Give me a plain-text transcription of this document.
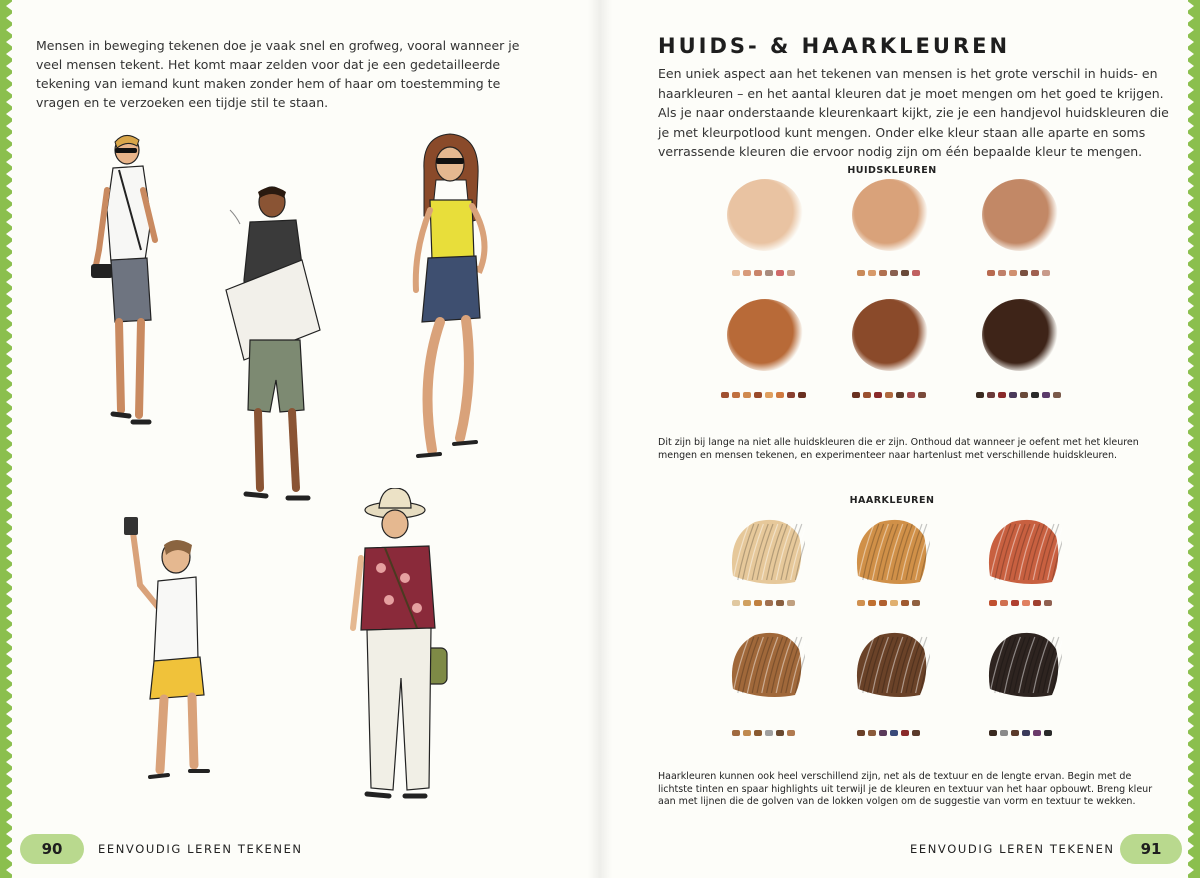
Mensen in beweging tekenen doe je vaak snel en grofweg, vooral wanneer je veel mensen tekent. Het komt maar zelden voor dat je een gedetailleerde tekening van iemand kunt maken zonder hem of haar om toestemming te vragen en te verzoeken een tijdje stil te staan.

HUIDS- & HAARKLEUREN

Een uniek aspect aan het tekenen van mensen is het grote verschil in huids- en haarkleuren – en het aantal kleuren dat je moet mengen om het goed te krijgen. Als je naar onderstaande kleurenkaart kijkt, zie je een handjevol huidskleuren die je met kleurpotlood kunt mengen. Onder elke kleur staan alle aparte en soms verrassende kleuren die ervoor nodig zijn om één bepaalde kleur te mengen.

HUIDSKLEUREN

Dit zijn bij lange na niet alle huidskleuren die er zijn. Onthoud dat wanneer je oefent met het kleuren mengen en mensen tekenen, en experimenteer naar hartenlust met verschillende huidskleuren.

HAARKLEUREN

Haarkleuren kunnen ook heel verschillend zijn, net als de textuur en de lengte ervan. Begin met de lichtste tinten en spaar highlights uit terwijl je de kleuren en textuur van het haar opbouwt. Breng kleur aan met lijnen die de golven van de lokken volgen om de suggestie van vorm en textuur te wekken.

90	EENVOUDIG LEREN TEKENEN	EENVOUDIG LEREN TEKENEN	91
